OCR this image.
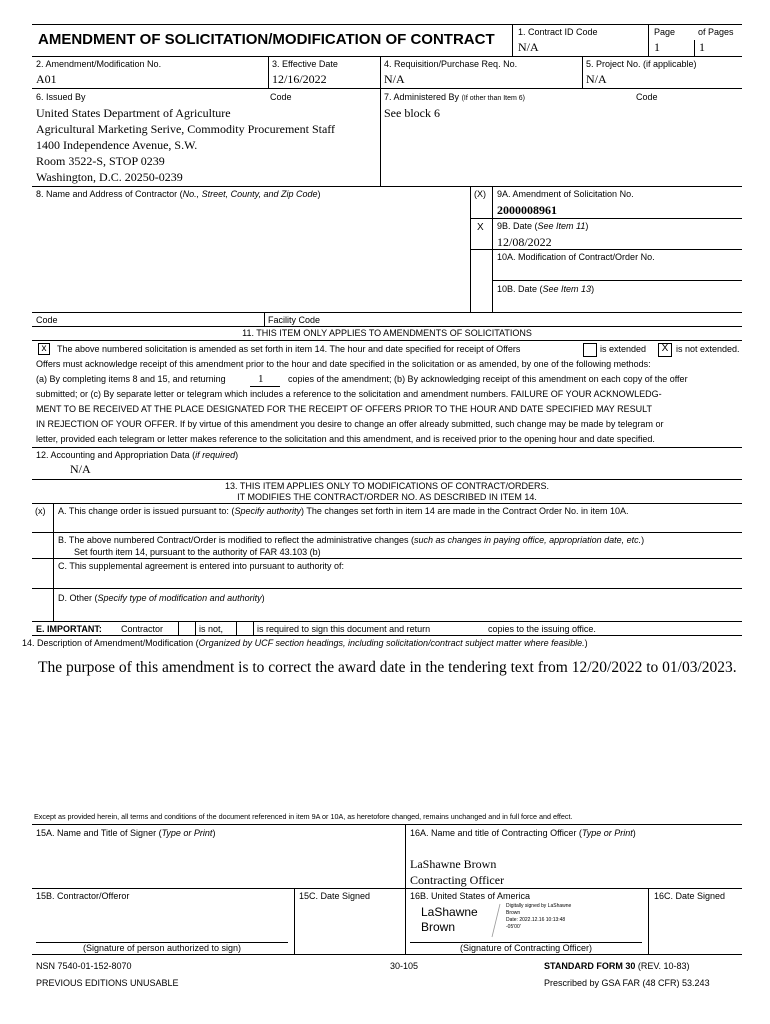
AMENDMENT OF SOLICITATION/MODIFICATION OF CONTRACT	1. Contract ID Code
N/A
Page
1
of Pages
1
2. Amendment/Modification No.
A01
3. Effective Date
12/16/2022
4. Requisition/Purchase Req. No.
N/A
5. Project No. (if applicable)
N/A
6. Issued By	Code
United States Department of Agriculture
Agricultural Marketing Serive, Commodity Procurement Staff
1400 Independence Avenue, S.W.
Room 3522-S, STOP 0239
Washington, D.C. 20250-0239
7. Administered By (If other than Item 6)	Code
See block 6
8. Name and Address of Contractor (No., Street, County, and Zip Code)	(X) 9A. Amendment of Solicitation No.
2000008961
X 9B. Date (See Item 11)
12/08/2022
10A. Modification of Contract/Order No.
10B. Date (See Item 13)
Code	Facility Code
11. THIS ITEM ONLY APPLIES TO AMENDMENTS OF SOLICITATIONS
x	The above numbered solicitation is amended as set forth in item 14. The hour and date specified for receipt of Offers	is extended	X is not extended.
Offers must acknowledge receipt of this amendment prior to the hour and date specified in the solicitation or as amended, by one of the following methods:
(a) By completing items 8 and 15, and returning	1	copies of the amendment; (b) By acknowledging receipt of this amendment on each copy of the offer
submitted; or (c) By separate letter or telegram which includes a reference to the solicitation and amendment numbers. FAILURE OF YOUR ACKNOWLEDG-
MENT TO BE RECEIVED AT THE PLACE DESIGNATED FOR THE RECEIPT OF OFFERS PRIOR TO THE HOUR AND DATE SPECIFIED MAY RESULT
IN REJECTION OF YOUR OFFER. If by virtue of this amendment you desire to change an offer already submitted, such change may be made by telegram or
letter, provided each telegram or letter makes reference to the solicitation and this amendment, and is received prior to the opening hour and date specified.
12. Accounting and Appropriation Data (if required)
N/A
13. THIS ITEM APPLIES ONLY TO MODIFICATIONS OF CONTRACT/ORDERS.
IT MODIFIES THE CONTRACT/ORDER NO. AS DESCRIBED IN ITEM 14.
(x) A. This change order is issued pursuant to: (Specify authority) The changes set forth in item 14 are made in the Contract Order No. in item 10A.
B. The above numbered Contract/Order is modified to reflect the administrative changes (such as changes in paying office, appropriation date, etc.)
Set fourth item 14, pursuant to the authority of FAR 43.103 (b)
C. This supplemental agreement is entered into pursuant to authority of:
D. Other (Specify type of modification and authority)
E. IMPORTANT: Contractor	is not,	is required to sign this document and return	copies to the issuing office.
14. Description of Amendment/Modification (Organized by UCF section headings, including solicitation/contract subject matter where feasible.)
The purpose of this amendment is to correct the award date in the tendering text from 12/20/2022 to 01/03/2023.
Except as provided herein, all terms and conditions of the document referenced in item 9A or 10A, as heretofore changed, remains unchanged and in full force and effect.
15A. Name and Title of Signer (Type or Print)	16A. Name and title of Contracting Officer (Type or Print)
LaShawne Brown
Contracting Officer
15B. Contractor/Offeror	15C. Date Signed	16B. United States of America	16C. Date Signed
LaShawne
Brown
Digitally signed by LaShawne
Brown
Date: 2022.12.16 10:13:48
-05'00'
(Signature of person authorized to sign)	(Signature of Contracting Officer)
NSN 7540-01-152-8070	30-105	STANDARD FORM 30 (REV. 10-83)
PREVIOUS EDITIONS UNUSABLE	Prescribed by GSA FAR (48 CFR) 53.243
